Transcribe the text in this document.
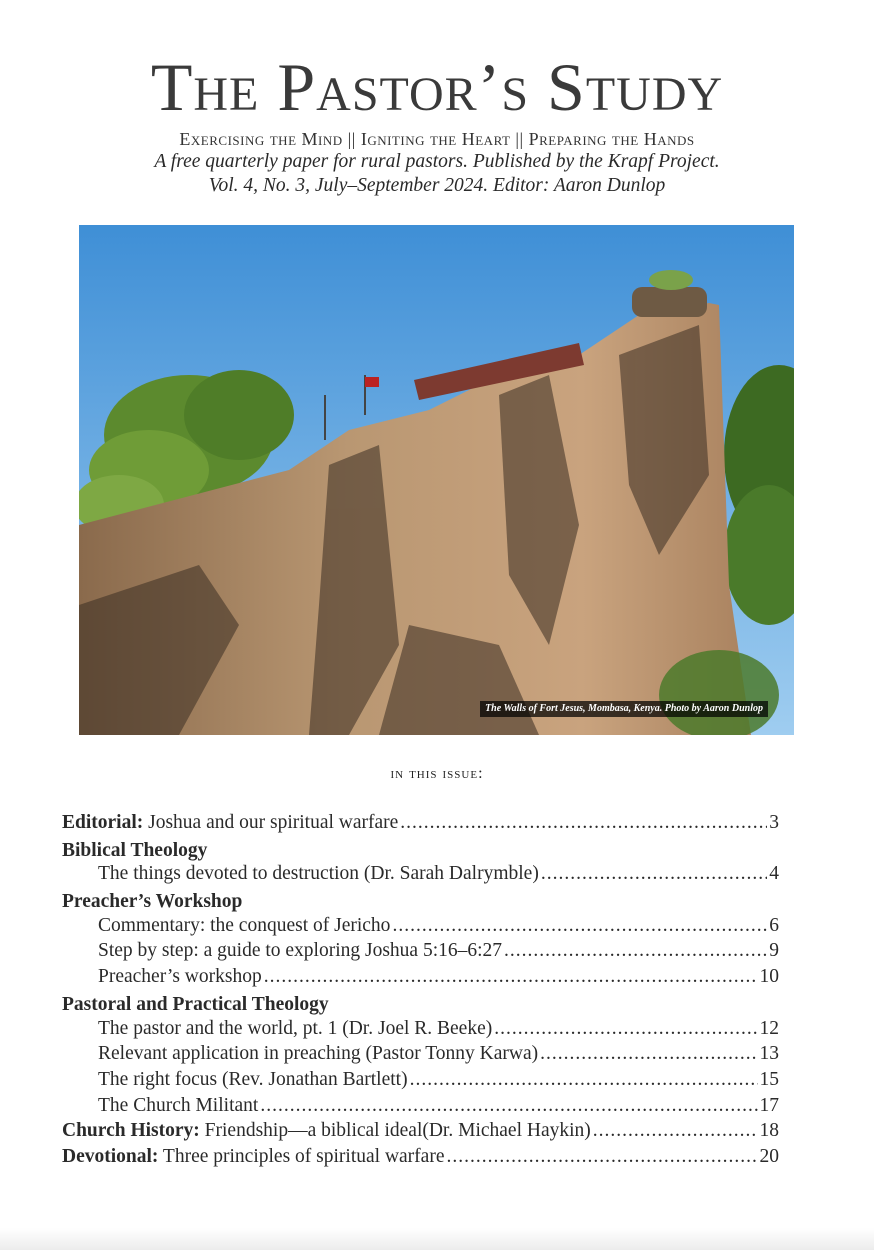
The Pastor’s Study
Exercising the Mind || Igniting the Heart || Preparing the Hands
A free quarterly paper for rural pastors. Published by the Krapf Project.
Vol. 4, No. 3, July–September 2024. Editor: Aaron Dunlop
The Walls of Fort Jesus, Mombasa, Kenya. Photo by Aaron Dunlop
in this issue:
Editorial: Joshua and our spiritual warfare .....	3
Biblical Theology
The things devoted to destruction (Dr. Sarah Dalrymble) .....	4
Preacher’s Workshop
Commentary: the conquest of Jericho .....	6
Step by step: a guide to exploring Joshua 5:16–6:27 .....	9
Preacher’s workshop .....	10
Pastoral and Practical Theology
The pastor and the world, pt. 1 (Dr. Joel R. Beeke) .....	12
Relevant application in preaching (Pastor Tonny Karwa) .....	13
The right focus (Rev. Jonathan Bartlett) .....	15
The Church Militant .....	17
Church History: Friendship—a biblical ideal(Dr. Michael Haykin) .....	18
Devotional: Three principles of spiritual warfare .....	20
